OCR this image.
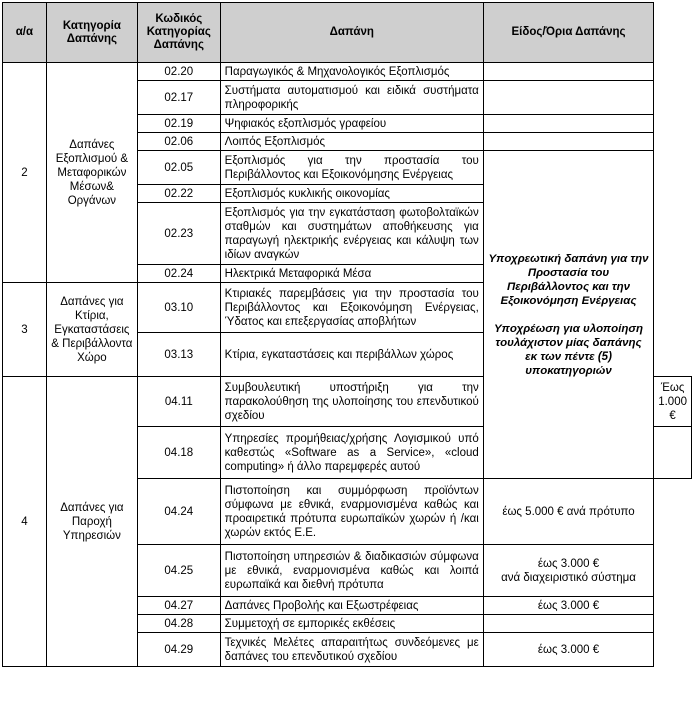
α/α	Κατηγορία Δαπάνης	Κωδικός Κατηγορίας Δαπάνης	Δαπάνη	Είδος/Όρια Δαπάνης	
2	Δαπάνες Εξοπλισμού & Μεταφορικών Μέσων& Οργάνων	02.20	Παραγωγικός & Μηχανολογικός Εξοπλισμός		
		02.17	Συστήματα αυτοματισμού και ειδικά συστήματα πληροφορικής		
		02.19	Ψηφιακός εξοπλισμός γραφείου		
		02.06	Λοιπός Εξοπλισμός		
		02.05	Εξοπλισμός για την προστασία του Περιβάλλοντος και Εξοικονόμησης Ενέργειας	Υποχρεωτική δαπάνη για την Προστασία του Περιβάλλοντος και την Εξοικονόμηση Ενέργειας
Υποχρέωση για υλοποίηση τουλάχιστον μίας δαπάνης εκ των πέντε (5) υποκατηγοριών	

		02.22	Εξοπλισμός κυκλικής οικονομίας		
		02.23	Εξοπλισμός για την εγκατάσταση φωτοβολταϊκών σταθμών και συστημάτων αποθήκευσης για παραγωγή ηλεκτρικής ενέργειας και κάλυψη των ιδίων αναγκών		
		02.24	Ηλεκτρικά Μεταφορικά Μέσα		
3	Δαπάνες για Κτίρια, Εγκαταστάσεις & Περιβάλλοντα Χώρο	03.10	Κτιριακές παρεμβάσεις για την προστασία του Περιβάλλοντος και Εξοικονόμηση Ενέργειας, Ύδατος και επεξεργασίας αποβλήτων		
		03.13	Κτίρια, εγκαταστάσεις και περιβάλλων χώρος		
4	Δαπάνες για Παροχή Υπηρεσιών	04.11	Συμβουλευτική υποστήριξη για την παρακολούθηση της υλοποίησης του επενδυτικού σχεδίου		Έως 1.000 €
		04.18	Υπηρεσίες προμήθειας/χρήσης Λογισμικού υπό καθεστώς «Software as a Service», «cloud computing» ή άλλο παρεμφερές αυτού		
		04.24	Πιστοποίηση και συμμόρφωση προϊόντων σύμφωνα με εθνικά, εναρμονισμένα καθώς και προαιρετικά πρότυπα ευρωπαϊκών χωρών ή /και χωρών εκτός Ε.Ε.	έως 5.000 € ανά πρότυπο	
		04.25	Πιστοποίηση υπηρεσιών & διαδικασιών σύμφωνα με εθνικά, εναρμονισμένα καθώς και λοιπά ευρωπαϊκά και διεθνή πρότυπα	έως 3.000 €
ανά διαχειριστικό σύστημα	

		04.27	Δαπάνες Προβολής και Εξωστρέφειας	έως 3.000 €	
		04.28	Συμμετοχή σε εμπορικές εκθέσεις		
		04.29	Τεχνικές Μελέτες απαραιτήτως συνδεόμενες με δαπάνες του επενδυτικού σχεδίου	έως 3.000 €	
